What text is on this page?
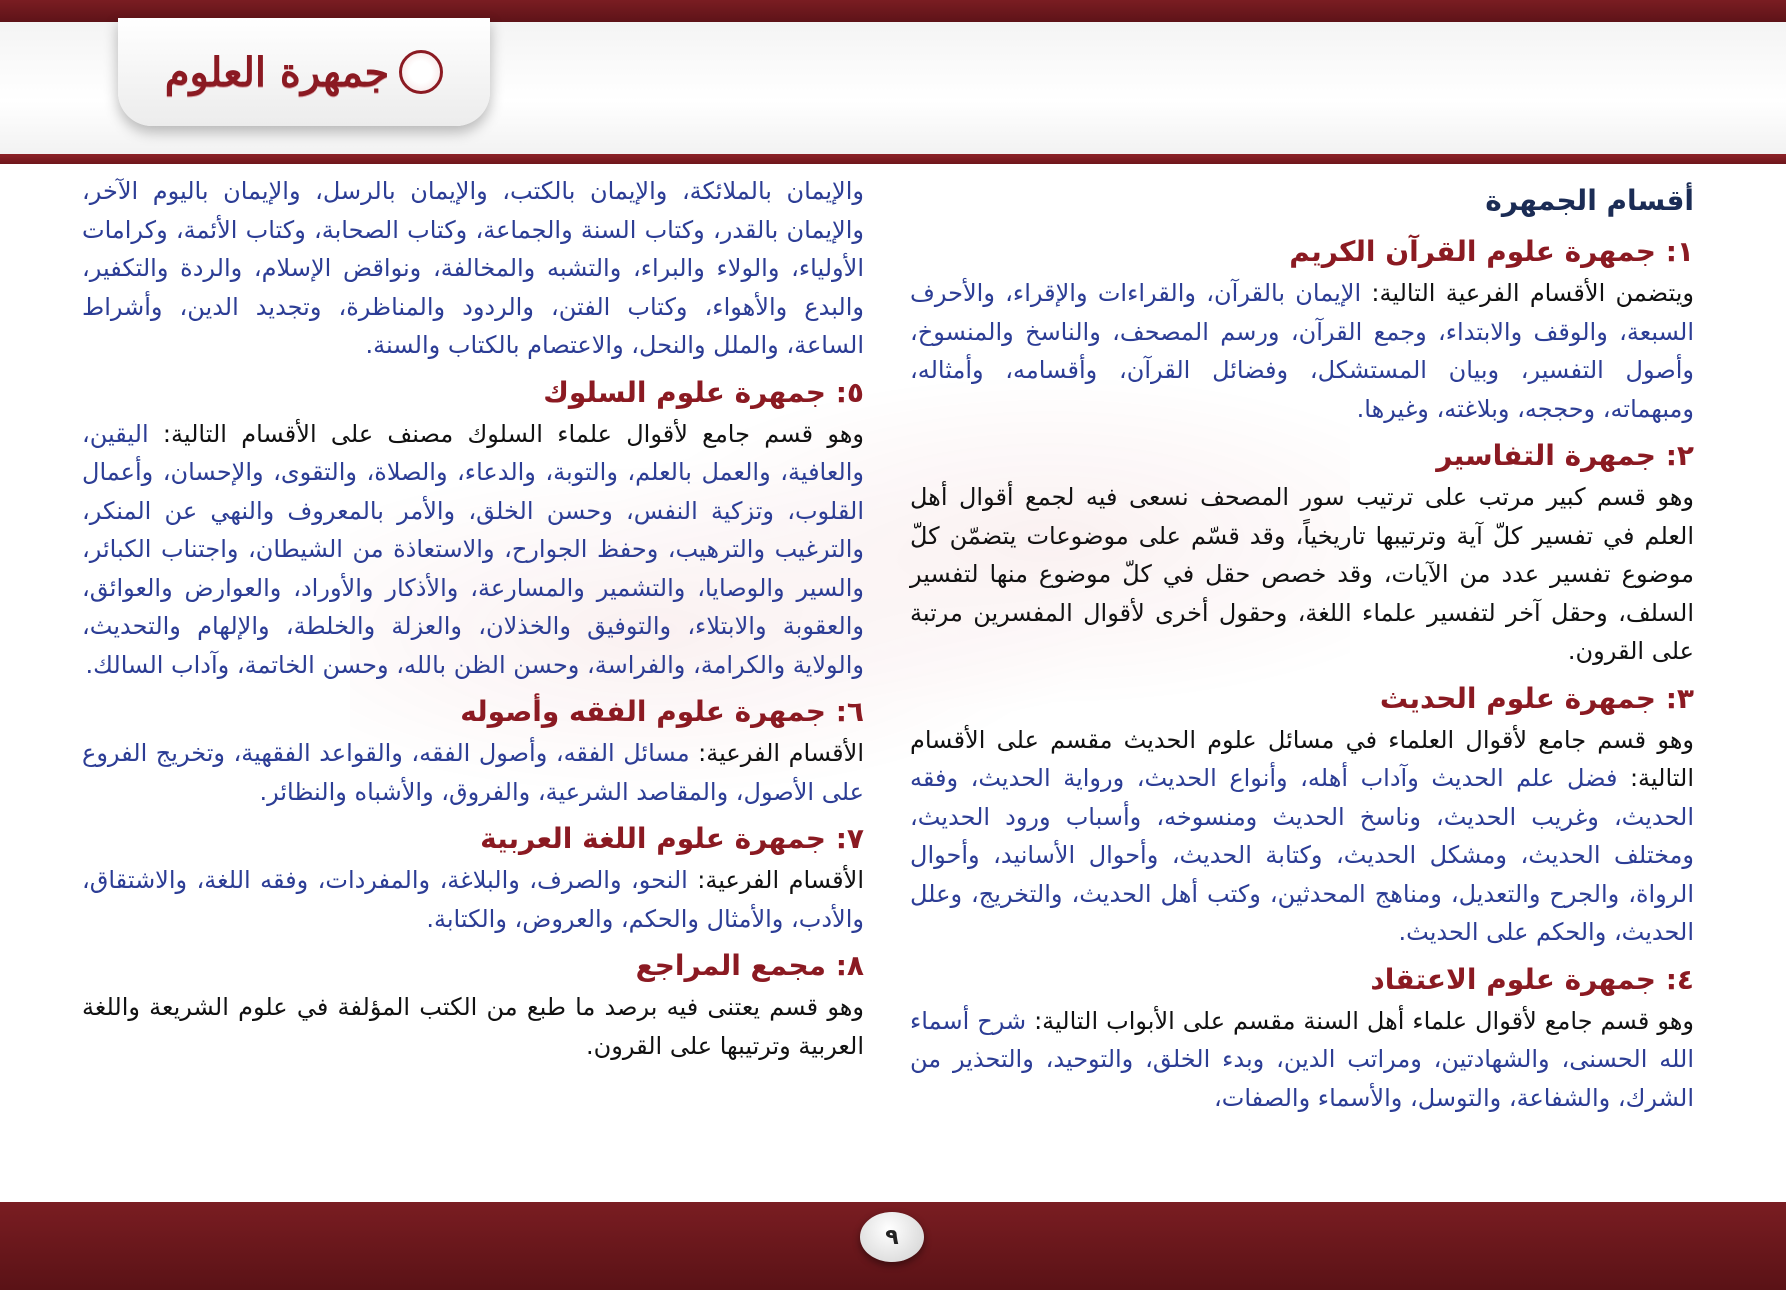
جمهرة العلوم
أقسام الجمهرة
١: جمهرة علوم القرآن الكريم

ويتضمن الأقسام الفرعية التالية: الإيمان بالقرآن، والقراءات والإقراء، والأحرف السبعة، والوقف والابتداء، وجمع القرآن، ورسم المصحف، والناسخ والمنسوخ، وأصول التفسير، وبيان المستشكل، وفضائل القرآن، وأقسامه، وأمثاله، ومبهماته، وحججه، وبلاغته، وغيرها.

٢: جمهرة التفاسير

وهو قسم كبير مرتب على ترتيب سور المصحف نسعى فيه لجمع أقوال أهل العلم في تفسير كلّ آية وترتيبها تاريخياً، وقد قسّم على موضوعات يتضمّن كلّ موضوع تفسير عدد من الآيات، وقد خصص حقل في كلّ موضوع منها لتفسير السلف، وحقل آخر لتفسير علماء اللغة، وحقول أخرى لأقوال المفسرين مرتبة على القرون.

٣: جمهرة علوم الحديث

وهو قسم جامع لأقوال العلماء في مسائل علوم الحديث مقسم على الأقسام التالية: فضل علم الحديث وآداب أهله، وأنواع الحديث، ورواية الحديث، وفقه الحديث، وغريب الحديث، وناسخ الحديث ومنسوخه، وأسباب ورود الحديث، ومختلف الحديث، ومشكل الحديث، وكتابة الحديث، وأحوال الأسانيد، وأحوال الرواة، والجرح والتعديل، ومناهج المحدثين، وكتب أهل الحديث، والتخريج، وعلل الحديث، والحكم على الحديث.

٤: جمهرة علوم الاعتقاد

وهو قسم جامع لأقوال علماء أهل السنة مقسم على الأبواب التالية: شرح أسماء الله الحسنى، والشهادتين، ومراتب الدين، وبدء الخلق، والتوحيد، والتحذير من الشرك، والشفاعة، والتوسل، والأسماء والصفات،

والإيمان بالملائكة، والإيمان بالكتب، والإيمان بالرسل، والإيمان باليوم الآخر، والإيمان بالقدر، وكتاب السنة والجماعة، وكتاب الصحابة، وكتاب الأئمة، وكرامات الأولياء، والولاء والبراء، والتشبه والمخالفة، ونواقض الإسلام، والردة والتكفير، والبدع والأهواء، وكتاب الفتن، والردود والمناظرة، وتجديد الدين، وأشراط الساعة، والملل والنحل، والاعتصام بالكتاب والسنة.

٥: جمهرة علوم السلوك

وهو قسم جامع لأقوال علماء السلوك مصنف على الأقسام التالية: اليقين، والعافية، والعمل بالعلم، والتوبة، والدعاء، والصلاة، والتقوى، والإحسان، وأعمال القلوب، وتزكية النفس، وحسن الخلق، والأمر بالمعروف والنهي عن المنكر، والترغيب والترهيب، وحفظ الجوارح، والاستعاذة من الشيطان، واجتناب الكبائر، والسير والوصايا، والتشمير والمسارعة، والأذكار والأوراد، والعوارض والعوائق، والعقوبة والابتلاء، والتوفيق والخذلان، والعزلة والخلطة، والإلهام والتحديث، والولاية والكرامة، والفراسة، وحسن الظن بالله، وحسن الخاتمة، وآداب السالك.

٦: جمهرة علوم الفقه وأصوله

الأقسام الفرعية: مسائل الفقه، وأصول الفقه، والقواعد الفقهية، وتخريج الفروع على الأصول، والمقاصد الشرعية، والفروق، والأشباه والنظائر.

٧: جمهرة علوم اللغة العربية

الأقسام الفرعية: النحو، والصرف، والبلاغة، والمفردات، وفقه اللغة، والاشتقاق، والأدب، والأمثال والحكم، والعروض، والكتابة.

٨: مجمع المراجع

وهو قسم يعتنى فيه برصد ما طبع من الكتب المؤلفة في علوم الشريعة واللغة العربية وترتيبها على القرون.

٩
